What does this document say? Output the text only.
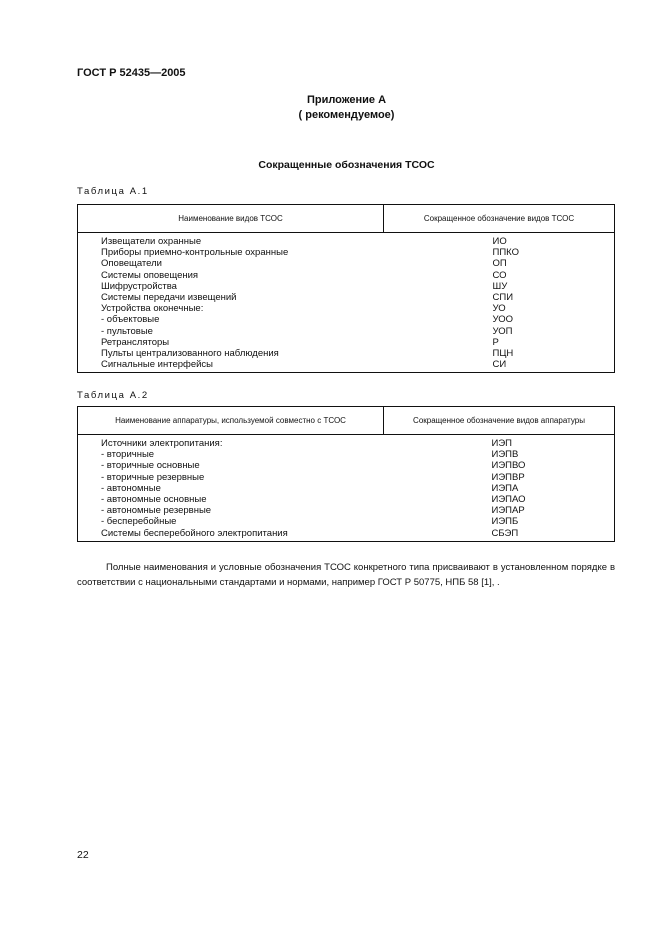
ГОСТ Р 52435—2005
Приложение А
( рекомендуемое)
Сокращенные обозначения ТСОС
Таблица А.1
Наименование видов ТСОС	Сокращенное обозначение видов ТСОС
Извещатели охранные	ИО
Приборы приемно-контрольные охранные	ППКО
Оповещатели	ОП
Системы оповещения	СО
Шифрустройства	ШУ
Системы передачи извещений	СПИ
Устройства оконечные:	УО
- объектовые	УОО
- пультовые	УОП
Ретрансляторы	Р
Пульты централизованного наблюдения	ПЦН
Сигнальные интерфейсы	СИ
Таблица А.2
Наименование аппаратуры, используемой совместно с ТСОС	Сокращенное обозначение видов аппаратуры
Источники электропитания:	ИЭП
- вторичные	ИЭПВ
- вторичные основные	ИЭПВО
- вторичные резервные	ИЭПВР
- автономные	ИЭПА
- автономные основные	ИЭПАО
- автономные резервные	ИЭПАР
- бесперебойные	ИЭПБ
Системы бесперебойного электропитания	СБЭП
Полные наименования и условные обозначения ТСОС конкретного типа присваивают в установленном порядке в соответствии с национальными стандартами и нормами, например ГОСТ Р 50775, НПБ 58 [1], .
22
